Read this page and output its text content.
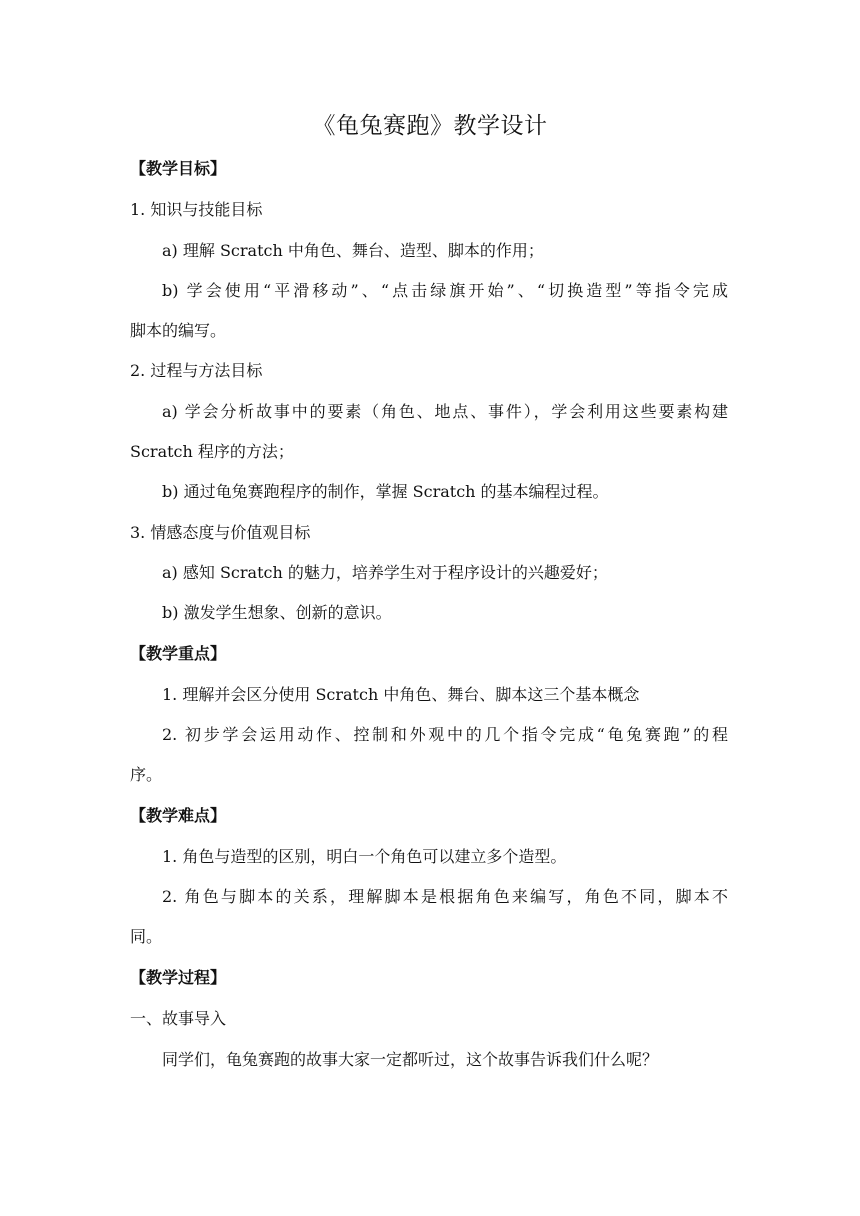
《龟兔赛跑》教学设计
【教学目标】
1. 知识与技能目标
a) 理解 Scratch 中角色、舞台、造型、脚本的作用；
b) 学会使用“平滑移动”、“点击绿旗开始”、“切换造型”等指令完成
脚本的编写。
2. 过程与方法目标
a) 学会分析故事中的要素（角色、地点、事件），学会利用这些要素构建
Scratch 程序的方法；
b) 通过龟兔赛跑程序的制作，掌握 Scratch 的基本编程过程。
3. 情感态度与价值观目标
a) 感知 Scratch 的魅力，培养学生对于程序设计的兴趣爱好；
b) 激发学生想象、创新的意识。
【教学重点】
1. 理解并会区分使用 Scratch 中角色、舞台、脚本这三个基本概念
2. 初步学会运用动作、控制和外观中的几个指令完成“龟兔赛跑”的程
序。
【教学难点】
1. 角色与造型的区别，明白一个角色可以建立多个造型。
2. 角色与脚本的关系，理解脚本是根据角色来编写，角色不同，脚本不
同。
【教学过程】
一、故事导入
同学们，龟兔赛跑的故事大家一定都听过，这个故事告诉我们什么呢？
